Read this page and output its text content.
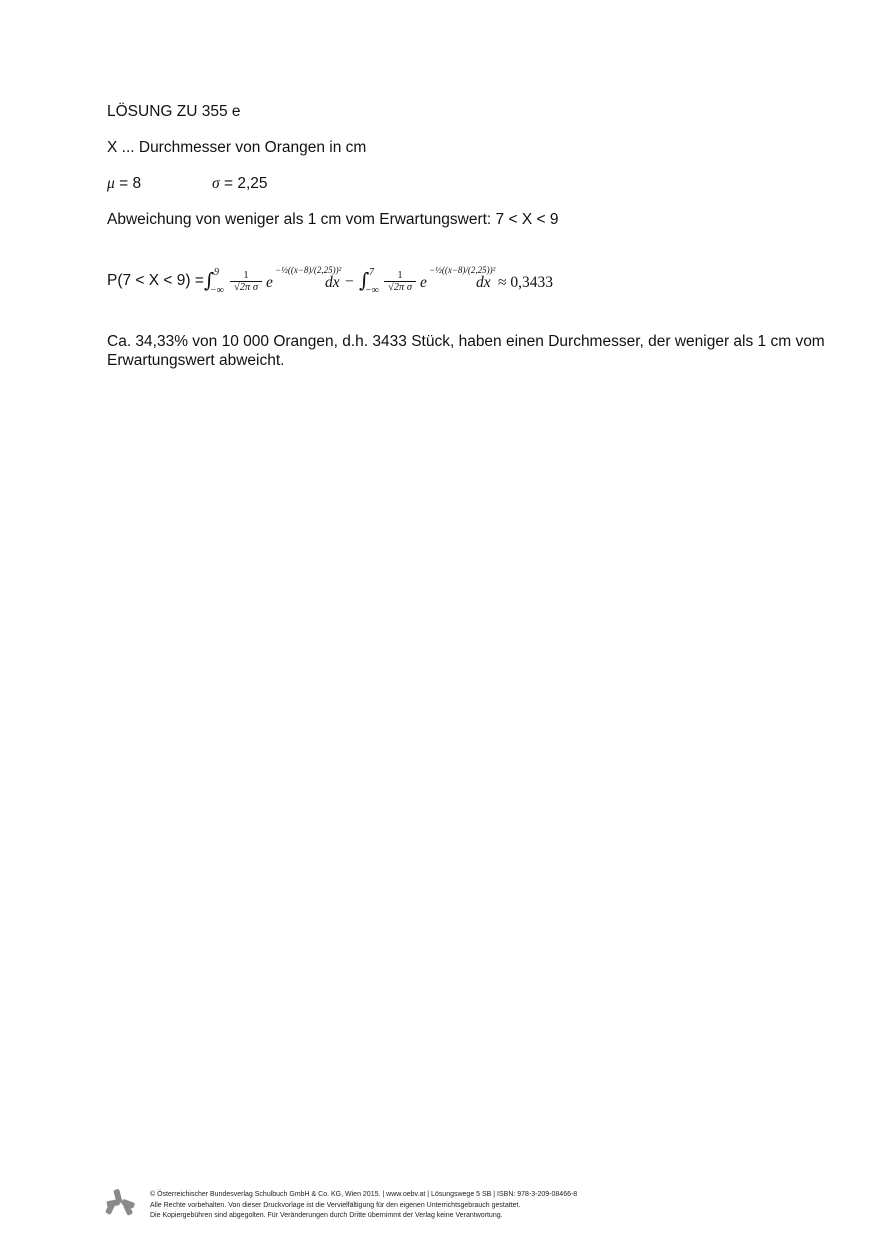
LÖSUNG ZU 355 e
X ... Durchmesser von Orangen in cm
μ = 8	σ = 2,25
Abweichung von weniger als 1 cm vom Erwartungswert: 7 < X < 9
P(7 < X < 9) = ∫ 9
−∞
1
√2π σ e
−½((x−8)/(2,25))²
dx − ∫ 7
−∞
1
√2π σ e
−½((x−8)/(2,25))²
dx ≈ 0,3433
Ca. 34,33% von 10 000 Orangen, d.h. 3433 Stück, haben einen Durchmesser, der weniger als 1 cm vom
Erwartungswert abweicht.
© Österreichischer Bundesverlag Schulbuch GmbH & Co. KG, Wien 2015. | www.oebv.at | Lösungswege 5 SB | ISBN: 978-3-209-08466-8
Alle Rechte vorbehalten. Von dieser Druckvorlage ist die Vervielfältigung für den eigenen Unterrichtsgebrauch gestattet.
Die Kopiergebühren sind abgegolten. Für Veränderungen durch Dritte übernimmt der Verlag keine Verantwortung.
